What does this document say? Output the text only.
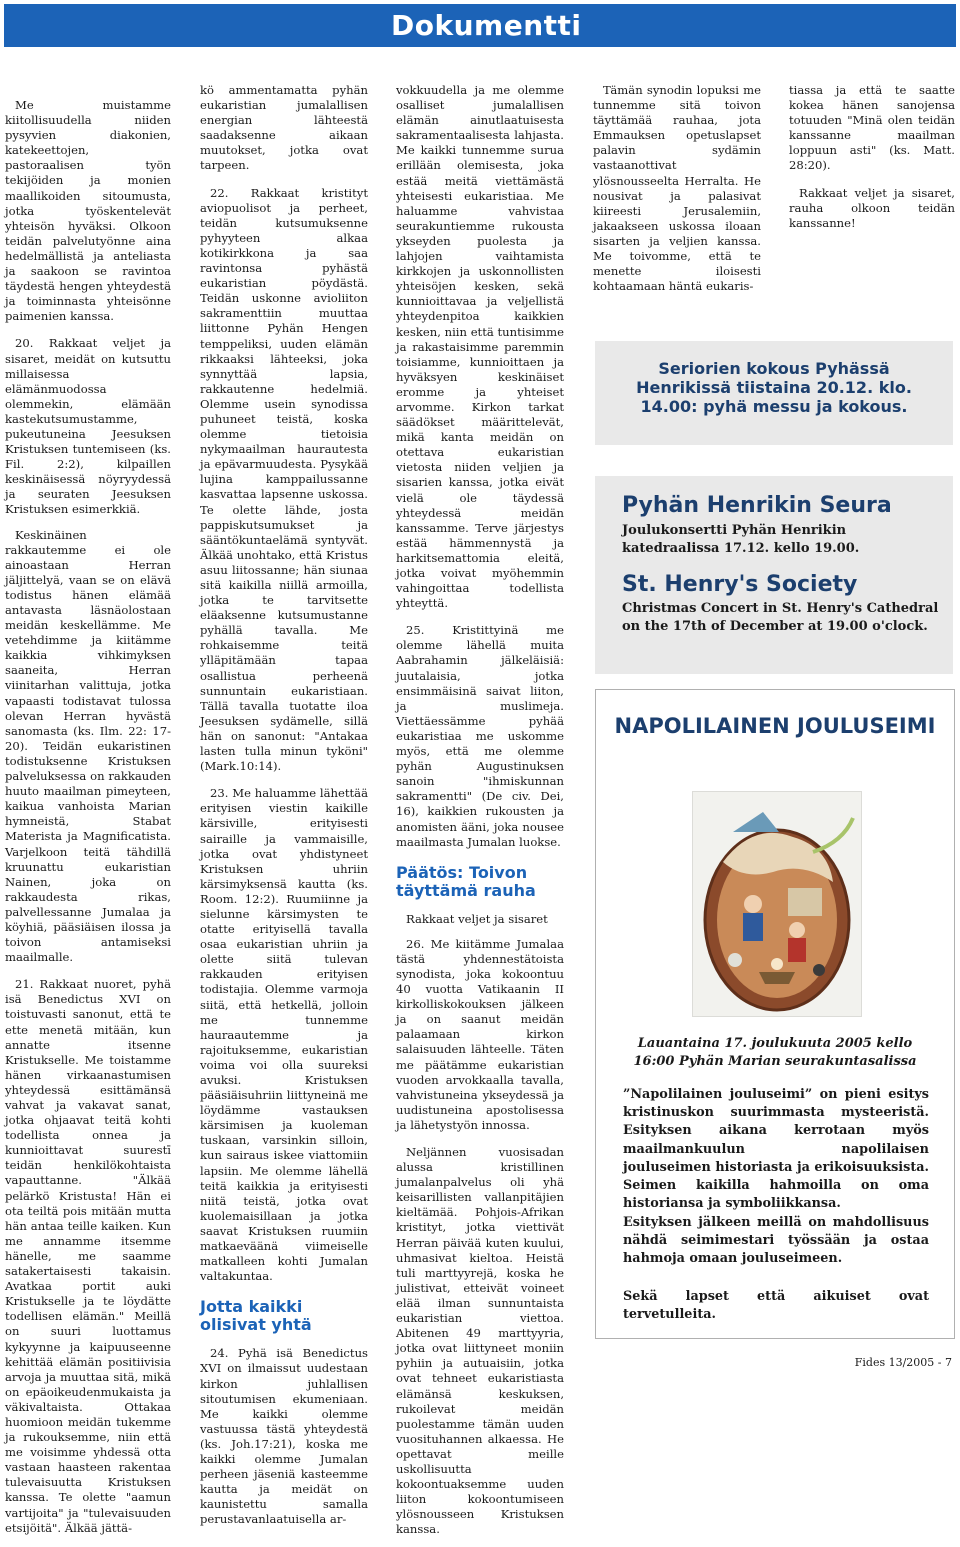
Dokumentti

Me muistamme kiitollisuudella niiden pysyvien diakonien, katekeettojen, pastoraalisen työn tekijöiden ja monien maallikoiden sitoumusta, jotka työskentelevät yhteisön hyväksi. Olkoon teidän palvelutyönne aina hedelmällistä ja anteliasta ja saakoon se ravintoa täydestä hengen yhteydestä ja toiminnasta yhteisönne paimenien kanssa.

20. Rakkaat veljet ja sisaret, meidät on kutsuttu millaisessa elämänmuodossa olemmekin, elämään kastekutsumustamme, pukeutuneina Jeesuksen Kristuksen tuntemiseen (ks. Fil. 2:2), kilpaillen keskinäisessä nöyryydessä ja seuraten Jeesuksen Kristuksen esimerkkiä.

Keskinäinen rakkautemme ei ole ainoastaan Herran jäljittelyä, vaan se on elävä todistus hänen elämää antavasta läsnäolostaan meidän keskellämme. Me vetehdimme ja kiitämme kaikkia vihkimyksen saaneita, Herran viinitarhan valittuja, jotka vapaasti todistavat tulossa olevan Herran hyvästä sanomasta (ks. Ilm. 22: 17-20). Teidän eukaristinen todistuksenne Kristuksen palveluksessa on rakkauden huuto maailman pimeyteen, kaikua vanhoista Marian hymneistä, Stabat Materista ja Magnificatista. Varjelkoon teitä tähdillä kruunattu eukaristian Nainen, joka on rakkaudesta rikas, palvellessanne Jumalaa ja köyhiä, pääsiäisen ilossa ja toivon antamiseksi maailmalle.

21. Rakkaat nuoret, pyhä isä Benedictus XVI on toistuvasti sanonut, että te ette menetä mitään, kun annatte itsenne Kristukselle. Me toistamme hänen virkaanastumisen yhteydessä esittämänsä vahvat ja vakavat sanat, jotka ohjaavat teitä kohti todellista onnea ja kunnioittavat suurestī teidän henkilökohtaista vapauttanne. "Älkää pelärkö Kristusta! Hän ei ota teiltä pois mitään mutta hän antaa teille kaiken. Kun me annamme itsemme hänelle, me saamme satakertaisesti takaisin. Avatkaa portit auki Kristukselle ja te löydätte todellisen elämän." Meillä on suuri luottamus kykyynne ja kaipuuseenne kehittää elämän positiivisia arvoja ja muuttaa sitä, mikä on epäoikeudenmukaista ja väkivaltaista. Ottakaa huomioon meidän tukemme ja rukouksemme, niin että me voisimme yhdessä otta vastaan haasteen rakentaa tulevaisuutta Kristuksen kanssa. Te olette "aamun vartijoita" ja "tulevaisuuden etsijöitä". Älkää jättä-

kö ammentamatta pyhän eukaristian jumalallisen energian lähteestä saadaksenne aikaan muutokset, jotka ovat tarpeen.

22. Rakkaat kristityt aviopuolisot ja perheet, teidän kutsumuksenne pyhyyteen alkaa kotikirkkona ja saa ravintonsa pyhästä eukaristian pöydästä. Teidän uskonne avioliiton sakramenttiin muuttaa liittonne Pyhän Hengen temppeliksi, uuden elämän rikkaaksi lähteeksi, joka synnyttää lapsia, rakkautenne hedelmiä. Olemme usein synodissa puhuneet teistä, koska olemme tietoisia nykymaailman haurautesta ja epävarmuudesta. Pysykää lujina kamppailussanne kasvattaa lapsenne uskossa. Te olette lähde, josta pappiskutsumukset ja sääntökuntaelämä syntyvät. Älkää unohtako, että Kristus asuu liitossanne; hän siunaa sitä kaikilla niillä armoilla, jotka te tarvitsette eläaksenne kutsumustanne pyhällä tavalla. Me rohkaisemme teitä ylläpitämään tapaa osallistua perheenä sunnuntain eukaristiaan. Tällä tavalla tuotatte iloa Jeesuksen sydämelle, sillä hän on sanonut: "Antakaa lasten tulla minun tyköni" (Mark.10:14).

23. Me haluamme lähettää erityisen viestin kaikille kärsiville, erityisesti sairaille ja vammaisille, jotka ovat yhdistyneet Kristuksen uhriin kärsimyksensä kautta (ks. Room. 12:2). Ruumiinne ja sielunne kärsimysten te otatte erityisellä tavalla osaa eukaristian uhriin ja olette siitä tulevan rakkauden erityisen todistajia. Olemme varmoja siitä, että hetkellä, jolloin me tunnemme hauraautemme ja rajoituksemme, eukaristian voima voi olla suureksi avuksi. Kristuksen pääsiäisuhriin liittyneinä me löydämme vastauksen kärsimisen ja kuoleman tuskaan, varsinkin silloin, kun sairaus iskee viattomiin lapsiin. Me olemme lähellä teitä kaikkia ja erityisesti niitä teistä, jotka ovat kuolemaisillaan ja jotka saavat Kristuksen ruumiin matkaeväänä viimeiselle matkalleen kohti Jumalan valtakuntaa.

Jotta kaikki olisivat yhtä

24. Pyhä isä Benedictus XVI on ilmaissut uudestaan kirkon juhlallisen sitoutumisen ekumeniaan. Me kaikki olemme vastuussa tästä yhteydestä (ks. Joh.17:21), koska me kaikki olemme Jumalan perheen jäseniä kasteemme kautta ja meidät on kaunistettu samalla perustavanlaatuisella ar-

vokkuudella ja me olemme osalliset jumalallisen elämän ainutlaatuisesta sakramentaalisesta lahjasta. Me kaikki tunnemme surua erillään olemisesta, joka estää meitä viettämästä yhteisesti eukaristiaa. Me haluamme vahvistaa seurakuntiemme rukousta ykseyden puolesta ja lahjojen vaihtamista kirkkojen ja uskonnollisten yhteisöjen kesken, sekä kunnioittavaa ja veljellistä yhteydenpitoa kaikkien kesken, niin että tuntisimme ja rakastaisimme paremmin toisiamme, kunnioittaen ja hyväksyen keskinäiset eromme ja yhteiset arvomme. Kirkon tarkat säädökset määrittelevät, mikä kanta meidän on otettava eukaristian vietosta niiden veljien ja sisarien kanssa, jotka eivät vielä ole täydessä yhteydessä meidän kanssamme. Terve järjestys estää hämmennystä ja harkitsemattomia eleitä, jotka voivat myöhemmin vahingoittaa todellista yhteyttä.

25. Kristittyinä me olemme lähellä muita Aabrahamin jälkeläisiä: juutalaisia, jotka ensimmäisinä saivat liiton, ja muslimeja. Viettäessämme pyhää eukaristiaa me uskomme myös, että me olemme pyhän Augustinuksen sanoin "ihmiskunnan sakramentti" (De civ. Dei, 16), kaikkien rukousten ja anomisten ääni, joka nousee maailmasta Jumalan luokse.

Päätös: Toivon täyttämä rauha

Rakkaat veljet ja sisaret

26. Me kiitämme Jumalaa tästä yhdennestätoista synodista, joka kokoontuu 40 vuotta Vatikaanin II kirkolliskokouksen jälkeen ja on saanut meidän palaamaan kirkon salaisuuden lähteelle. Täten me päätämme eukaristian vuoden arvokkaalla tavalla, vahvistuneina ykseydessä ja uudistuneina apostolisessa ja lähetystyön innossa.

Neljännen vuosisadan alussa kristillinen jumalanpalvelus oli yhä keisarillisten vallanpitäjien kieltämää. Pohjois-Afrikan kristityt, jotka viettivät Herran päivää kuten kuului, uhmasivat kieltoa. Heistä tuli marttyyrejä, koska he julistivat, etteivät voineet elää ilman sunnuntaista eukaristian viettoa. Abitenen 49 marttyyria, jotka ovat liittyneet moniin pyhiin ja autuaisiin, jotka ovat tehneet eukaristiasta elämänsä keskuksen, rukoilevat meidän puolestamme tämän uuden vuosituhannen alkaessa. He opettavat meille uskollisuutta kokoontuaksemme uuden liiton kokoontumiseen ylösnousseen Kristuksen kanssa.

Tämän synodin lopuksi me tunnemme sitä toivon täyttämää rauhaa, jota Emmauksen opetuslapset palavin sydämin vastaanottivat ylösnousseelta Herralta. He nousivat ja palasivat kiireesti Jerusalemiin, jakaakseen uskossa iloaan sisarten ja veljien kanssa. Me toivomme, että te menette iloisesti kohtaamaan häntä eukaris-

tiassa ja että te saatte kokea hänen sanojensa totuuden "Minä olen teidän kanssanne maailman loppuun asti" (ks. Matt. 28:20).

Rakkaat veljet ja sisaret, rauha olkoon teidän kanssanne!

Seriorien kokous Pyhässä Henrikissä tiistaina 20.12. klo. 14.00: pyhä messu ja kokous.
Pyhän Henrikin Seura
Joulukonsertti Pyhän Henrikin katedraalissa 17.12. kello 19.00.
St. Henry's Society
Christmas Concert in St. Henry's Cathedral on the 17th of December at 19.00 o'clock.
NAPOLILAINEN JOULUSEIMI
Lauantaina 17. joulukuuta 2005 kello 16:00 Pyhän Marian seurakuntasalissa
”Napolilainen jouluseimi” on pieni esitys kristinuskon suurimmasta mysteeristä. Esityksen aikana kerrotaan myös maailmankuulun napolilaisen jouluseimen historiasta ja erikoisuuksista. Seimen kaikilla hahmoilla on oma historiansa ja symboliikkansa.
Esityksen jälkeen meillä on mahdollisuus nähdä seimimestari työssään ja ostaa hahmoja omaan jouluseimeen.
Sekä lapset että aikuiset ovat tervetulleita.
Fides 13/2005 - 7
